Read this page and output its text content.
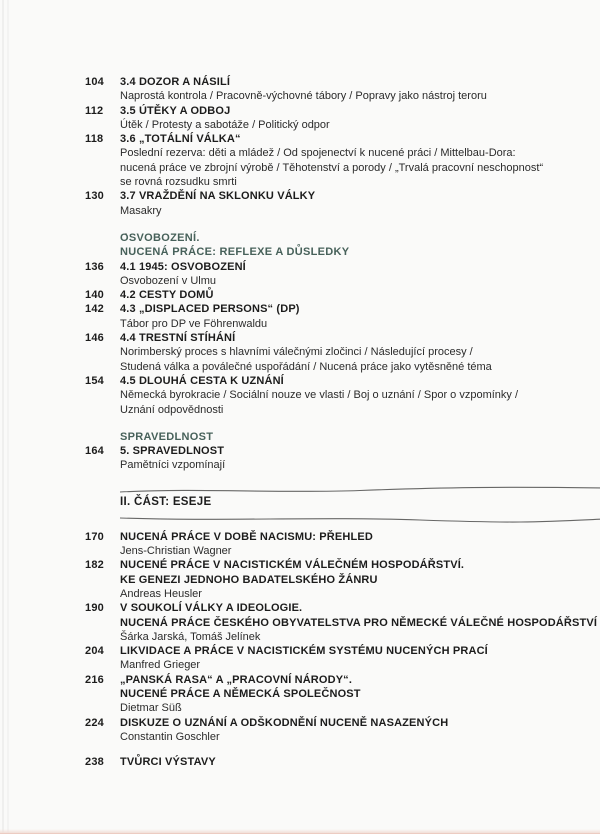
104	3.4 DOZOR A NÁSILÍ
Naprostá kontrola / Pracovně-výchovné tábory / Popravy jako nástroj teroru
112	3.5 ÚTĚKY A ODBOJ
Útěk / Protesty a sabotáže / Politický odpor
118	3.6 „TOTÁLNÍ VÁLKA“
Poslední rezerva: děti a mládež / Od spojenectví k nucené práci / Mittelbau-Dora:
nucená práce ve zbrojní výrobě / Těhotenství a porody / „Trvalá pracovní neschopnost“
se rovná rozsudku smrti
130	3.7 VRAŽDĚNÍ NA SKLONKU VÁLKY
Masakry
OSVOBOZENÍ.
NUCENÁ PRÁCE: REFLEXE A DŮSLEDKY
136	4.1 1945: OSVOBOZENÍ
Osvobození v Ulmu
140	4.2 CESTY DOMŮ
142	4.3 „DISPLACED PERSONS“ (DP)
Tábor pro DP ve Föhrenwaldu
146	4.4 TRESTNÍ STÍHÁNÍ
Norimberský proces s hlavními válečnými zločinci / Následující procesy /
Studená válka a poválečné uspořádání / Nucená práce jako vytěsněné téma
154	4.5 DLOUHÁ CESTA K UZNÁNÍ
Německá byrokracie / Sociální nouze ve vlasti / Boj o uznání / Spor o vzpomínky /
Uznání odpovědnosti
SPRAVEDLNOST
164	5. SPRAVEDLNOST
Pamětníci vzpomínají
II. ČÁST: ESEJE
170	NUCENÁ PRÁCE V DOBĚ NACISMU: PŘEHLED
Jens-Christian Wagner
182	NUCENÉ PRÁCE V NACISTICKÉM VÁLEČNÉM HOSPODÁŘSTVÍ.
KE GENEZI JEDNOHO BADATELSKÉHO ŽÁNRU
Andreas Heusler
190	V SOUKOLÍ VÁLKY A IDEOLOGIE.
NUCENÁ PRÁCE ČESKÉHO OBYVATELSTVA PRO NĚMECKÉ VÁLEČNÉ HOSPODÁŘSTVÍ
Šárka Jarská, Tomáš Jelínek
204	LIKVIDACE A PRÁCE V NACISTICKÉM SYSTÉMU NUCENÝCH PRACÍ
Manfred Grieger
216	„PANSKÁ RASA“ A „PRACOVNÍ NÁRODY“.
NUCENÉ PRÁCE A NĚMECKÁ SPOLEČNOST
Dietmar Süß
224	DISKUZE O UZNÁNÍ A ODŠKODNĚNÍ NUCENĚ NASAZENÝCH
Constantin Goschler
238	TVŮRCI VÝSTAVY
